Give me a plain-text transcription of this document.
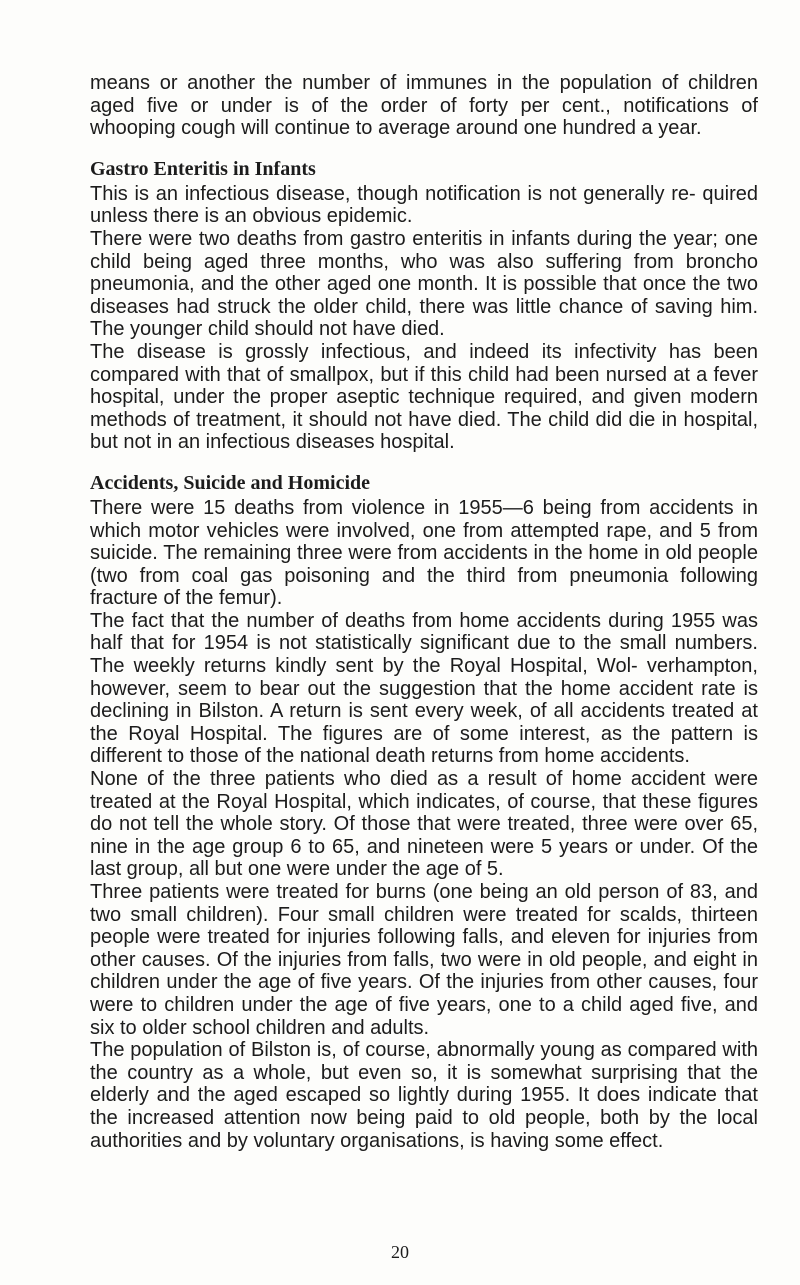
means or another the number of immunes in the population of children aged five or under is of the order of forty per cent., notifications of whooping cough will continue to average around one hundred a year.

Gastro Enteritis in Infants

This is an infectious disease, though notification is not generally re- quired unless there is an obvious epidemic.

There were two deaths from gastro enteritis in infants during the year; one child being aged three months, who was also suffering from broncho pneumonia, and the other aged one month. It is possible that once the two diseases had struck the older child, there was little chance of saving him. The younger child should not have died.

The disease is grossly infectious, and indeed its infectivity has been compared with that of smallpox, but if this child had been nursed at a fever hospital, under the proper aseptic technique required, and given modern methods of treatment, it should not have died. The child did die in hospital, but not in an infectious diseases hospital.

Accidents, Suicide and Homicide

There were 15 deaths from violence in 1955—6 being from accidents in which motor vehicles were involved, one from attempted rape, and 5 from suicide. The remaining three were from accidents in the home in old people (two from coal gas poisoning and the third from pneumonia following fracture of the femur).

The fact that the number of deaths from home accidents during 1955 was half that for 1954 is not statistically significant due to the small numbers. The weekly returns kindly sent by the Royal Hospital, Wol- verhampton, however, seem to bear out the suggestion that the home accident rate is declining in Bilston. A return is sent every week, of all accidents treated at the Royal Hospital. The figures are of some interest, as the pattern is different to those of the national death returns from home accidents.

None of the three patients who died as a result of home accident were treated at the Royal Hospital, which indicates, of course, that these figures do not tell the whole story. Of those that were treated, three were over 65, nine in the age group 6 to 65, and nineteen were 5 years or under. Of the last group, all but one were under the age of 5.

Three patients were treated for burns (one being an old person of 83, and two small children). Four small children were treated for scalds, thirteen people were treated for injuries following falls, and eleven for injuries from other causes. Of the injuries from falls, two were in old people, and eight in children under the age of five years. Of the injuries from other causes, four were to children under the age of five years, one to a child aged five, and six to older school children and adults.

The population of Bilston is, of course, abnormally young as compared with the country as a whole, but even so, it is somewhat surprising that the elderly and the aged escaped so lightly during 1955. It does indicate that the increased attention now being paid to old people, both by the local authorities and by voluntary organisations, is having some effect.

20
